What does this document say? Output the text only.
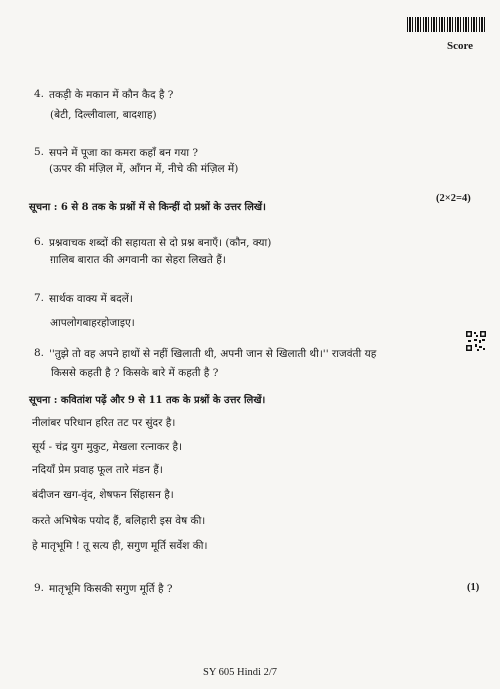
Score
4. तकड़ी के मकान में कौन कैद है ?
(बेटी, दिल्लीवाला, बादशाह)
5. सपने में पूजा का कमरा कहाँ बन गया ?
(ऊपर की मंज़िल में, आँगन में, नीचे की मंज़िल में)
सूचना : 6 से 8 तक के प्रश्नों में से किन्हीं दो प्रश्नों के उत्तर लिखें।
(2×2=4)
6. प्रश्नवाचक शब्दों की सहायता से दो प्रश्न बनाएँ। (कौन, क्या)
ग़ालिब बारात की अगवानी का सेहरा लिखते हैं।
7. सार्थक वाक्य में बदलें।
आपलोगबाहरहोजाइए।
8. ''तुझे तो वह अपने हाथों से नहीं खिलाती थी, अपनी जान से खिलाती थी।'' राजवंती यह
किससे कहती है ? किसके बारे में कहती है ?
सूचना : कवितांश पढ़ें और 9 से 11 तक के प्रश्नों के उत्तर लिखें।
नीलांबर परिधान हरित तट पर सुंदर है।
सूर्य - चंद्र युग मुकुट, मेखला रत्नाकर है।
नदियाँ प्रेम प्रवाह फूल तारे मंडन हैं।
बंदीजन खग-वृंद, शेषफन सिंहासन है।
करते अभिषेक पयोद हैं, बलिहारी इस वेष की।
हे मातृभूमि ! तू सत्य ही, सगुण मूर्ति सर्वेश की।
9. मातृभूमि किसकी सगुण मूर्ति है ?	(1)
SY 605 Hindi 2/7
